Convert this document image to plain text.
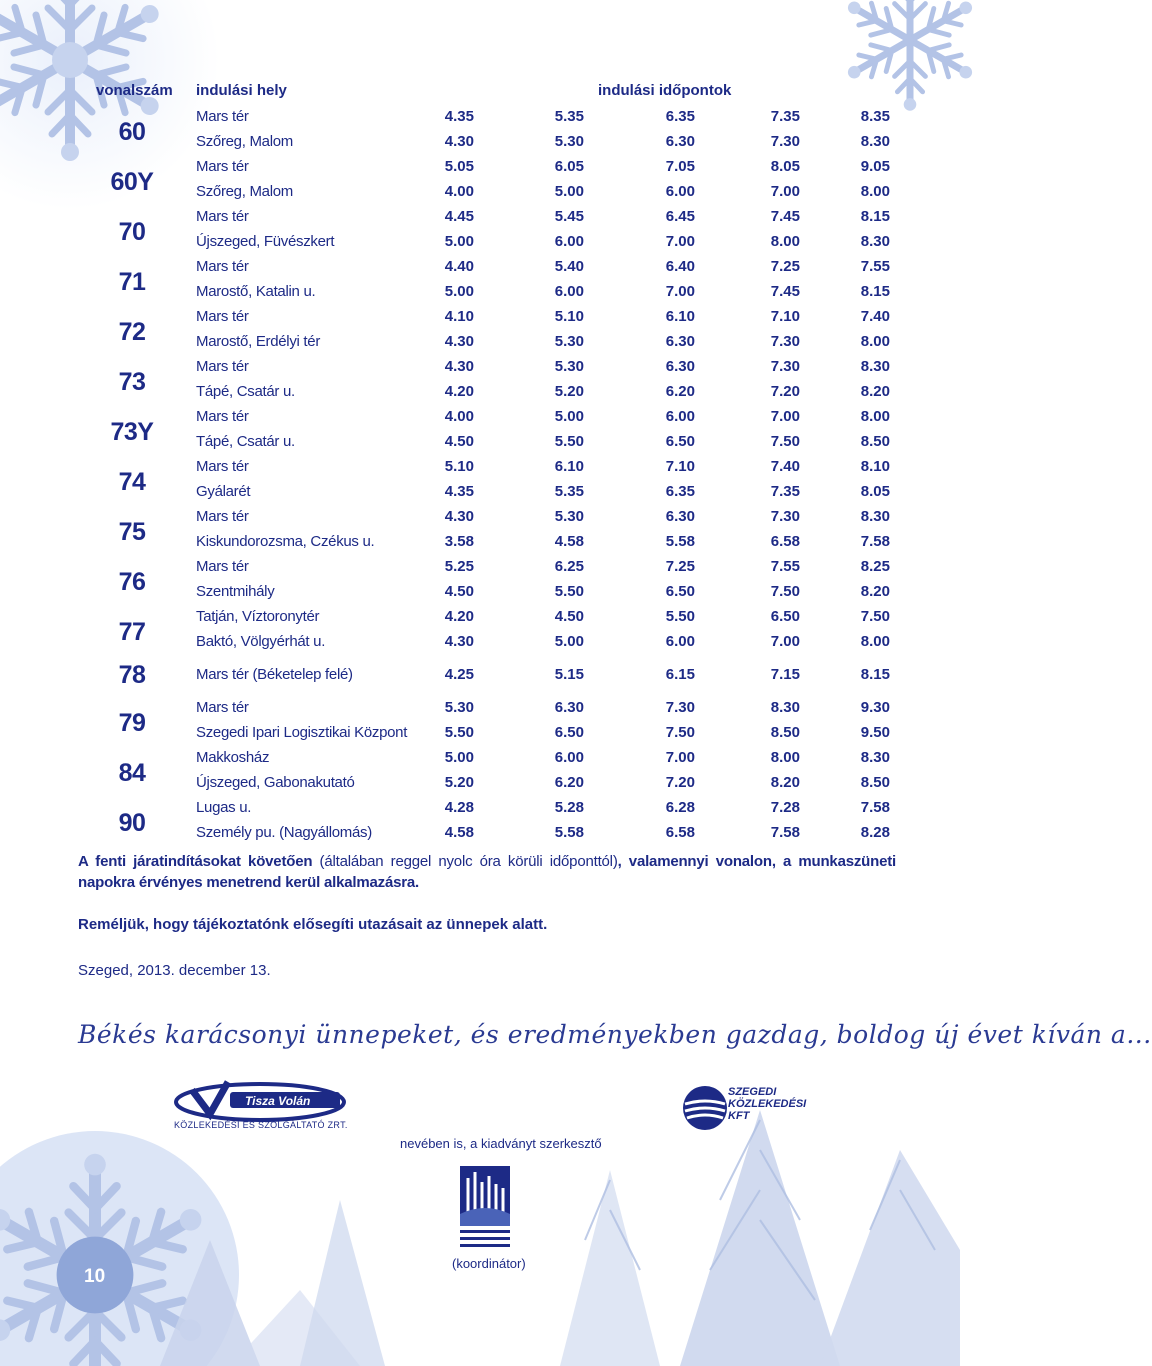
vonalszám indulási hely	indulási időpontok
60
Mars tér	4.35	5.35	6.35	7.35	8.35
Szőreg, Malom	4.30	5.30	6.30	7.30	8.30
60Y
Mars tér	5.05	6.05	7.05	8.05	9.05
Szőreg, Malom	4.00	5.00	6.00	7.00	8.00
70
Mars tér	4.45	5.45	6.45	7.45	8.15
Újszeged, Füvészkert	5.00	6.00	7.00	8.00	8.30
71
Mars tér	4.40	5.40	6.40	7.25	7.55
Marostő, Katalin u.	5.00	6.00	7.00	7.45	8.15
72
Mars tér	4.10	5.10	6.10	7.10	7.40
Marostő, Erdélyi tér	4.30	5.30	6.30	7.30	8.00
73
Mars tér	4.30	5.30	6.30	7.30	8.30
Tápé, Csatár u.	4.20	5.20	6.20	7.20	8.20
73Y
Mars tér	4.00	5.00	6.00	7.00	8.00
Tápé, Csatár u.	4.50	5.50	6.50	7.50	8.50
74
Mars tér	5.10	6.10	7.10	7.40	8.10
Gyálarét	4.35	5.35	6.35	7.35	8.05
75
Mars tér	4.30	5.30	6.30	7.30	8.30
Kiskundorozsma, Czékus u.	3.58	4.58	5.58	6.58	7.58
76
Mars tér	5.25	6.25	7.25	7.55	8.25
Szentmihály	4.50	5.50	6.50	7.50	8.20
77
Tatján, Víztoronytér	4.20	4.50	5.50	6.50	7.50
Baktó, Völgyérhát u.	4.30	5.00	6.00	7.00	8.00
78	Mars tér (Béketelep felé)	4.25	5.15	6.15	7.15	8.15
79
Mars tér	5.30	6.30	7.30	8.30	9.30
Szegedi Ipari Logisztikai Központ	5.50	6.50	7.50	8.50	9.50
84
Makkosház	5.00	6.00	7.00	8.00	8.30
Újszeged, Gabonakutató	5.20	6.20	7.20	8.20	8.50
90
Lugas u.	4.28	5.28	6.28	7.28	7.58
Személy pu. (Nagyállomás)	4.58	5.58	6.58	7.58	8.28
A fenti járatindításokat követően (általában reggel nyolc óra körüli időponttól), valamennyi vonalon, a munkaszüneti napokra érvényes menetrend kerül alkalmazásra.
Reméljük, hogy tájékoztatónk elősegíti utazásait az ünnepek alatt.
Szeged, 2013. december 13.
Békés karácsonyi ünnepeket, és eredményekben gazdag, boldog új évet kíván a...
Tisza Volán
KÖZLEKEDÉSI ÉS SZOLGÁLTATÓ ZRT.
SZEGEDI KÖZLEKEDÉSI KFT
nevében is, a kiadványt szerkesztő
(koordinátor)
10
